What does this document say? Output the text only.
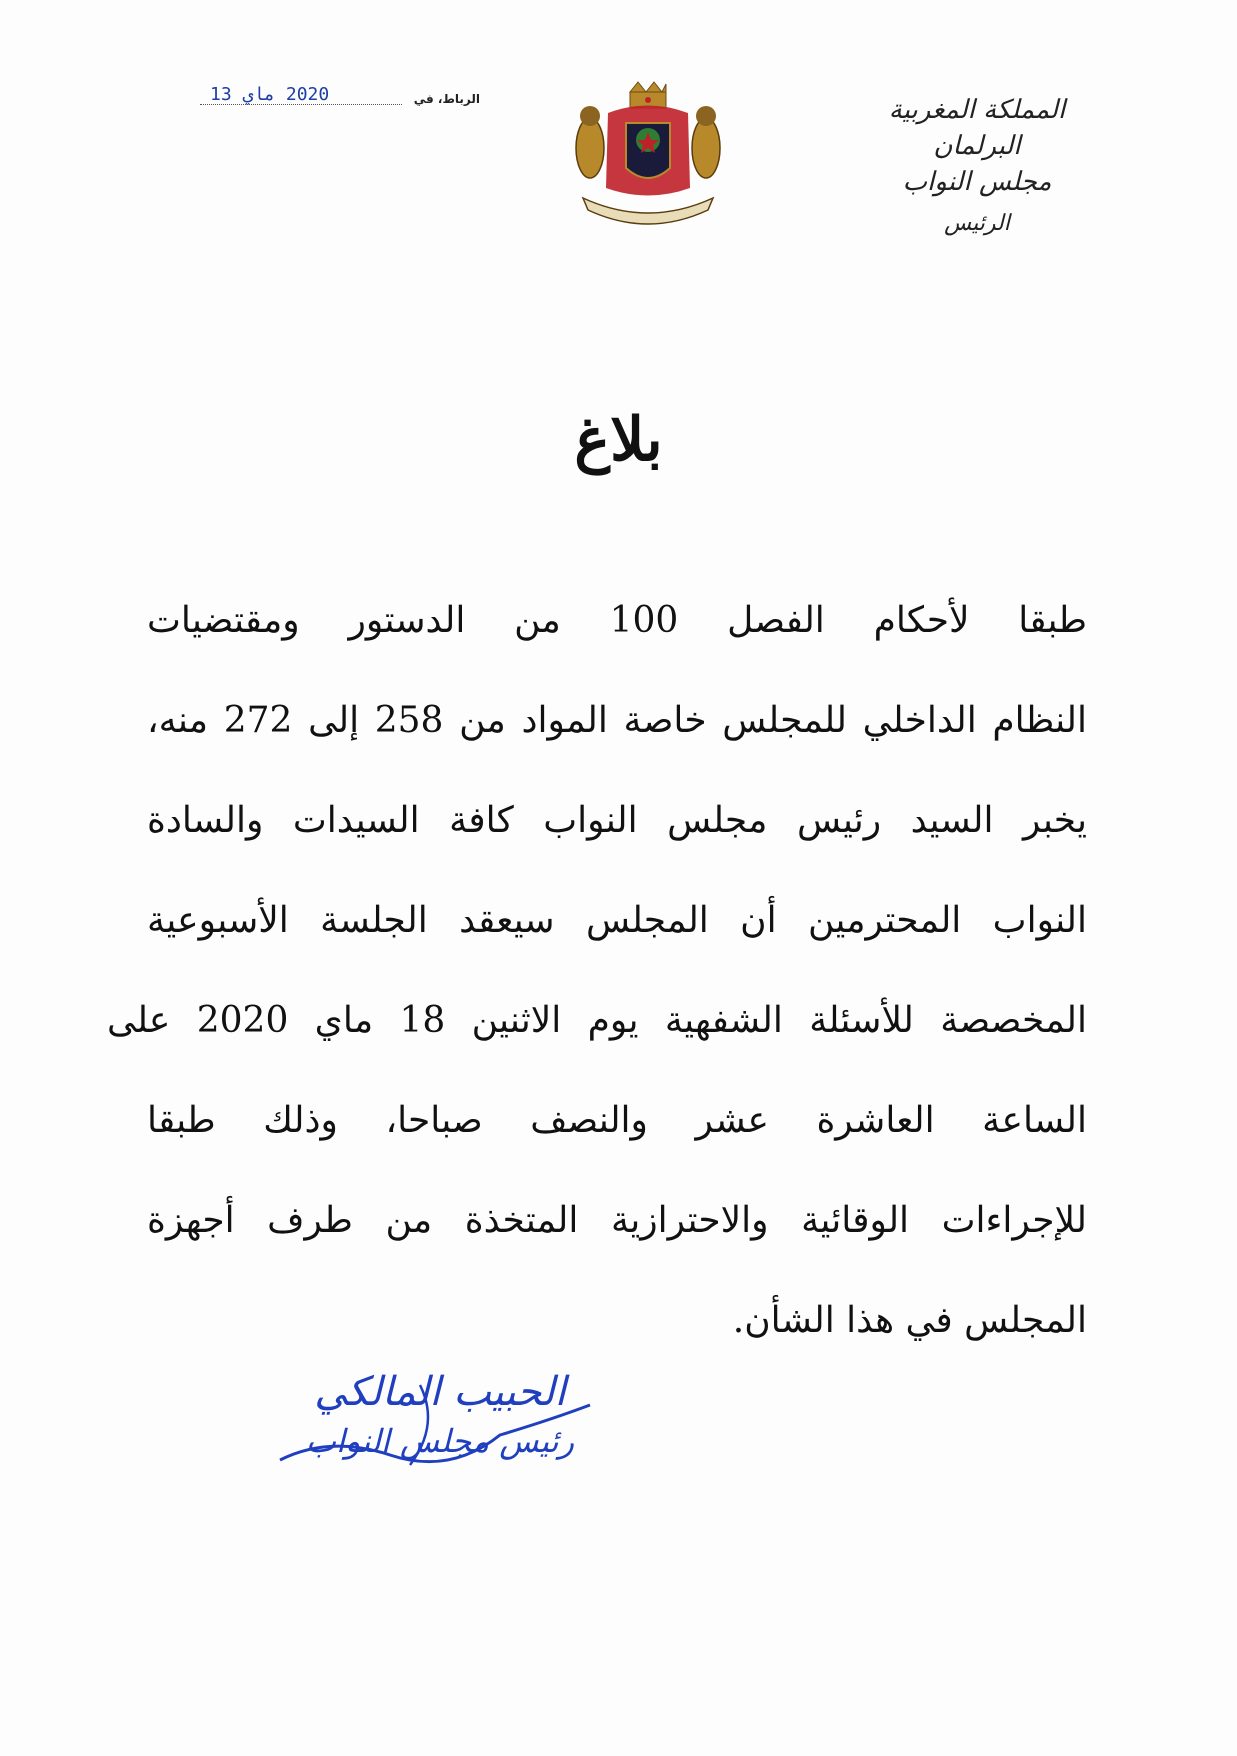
المملكة المغربية
البرلمان
مجلس النواب
الرئيس
الرباط، في
2020 ماي 13
بلاغ
طبقا لأحكام الفصل 100 من الدستور ومقتضيات
النظام الداخلي للمجلس خاصة المواد من 258 إلى 272 منه،
يخبر السيد رئيس مجلس النواب كافة السيدات والسادة
النواب المحترمين أن المجلس سيعقد الجلسة الأسبوعية
المخصصة للأسئلة الشفهية يوم الاثنين 18 ماي 2020 على
الساعة العاشرة عشر والنصف صباحا، وذلك طبقا
للإجراءات الوقائية والاحترازية المتخذة من طرف أجهزة
المجلس في هذا الشأن.
الحبيب المالكي
رئيس مجلس النواب
